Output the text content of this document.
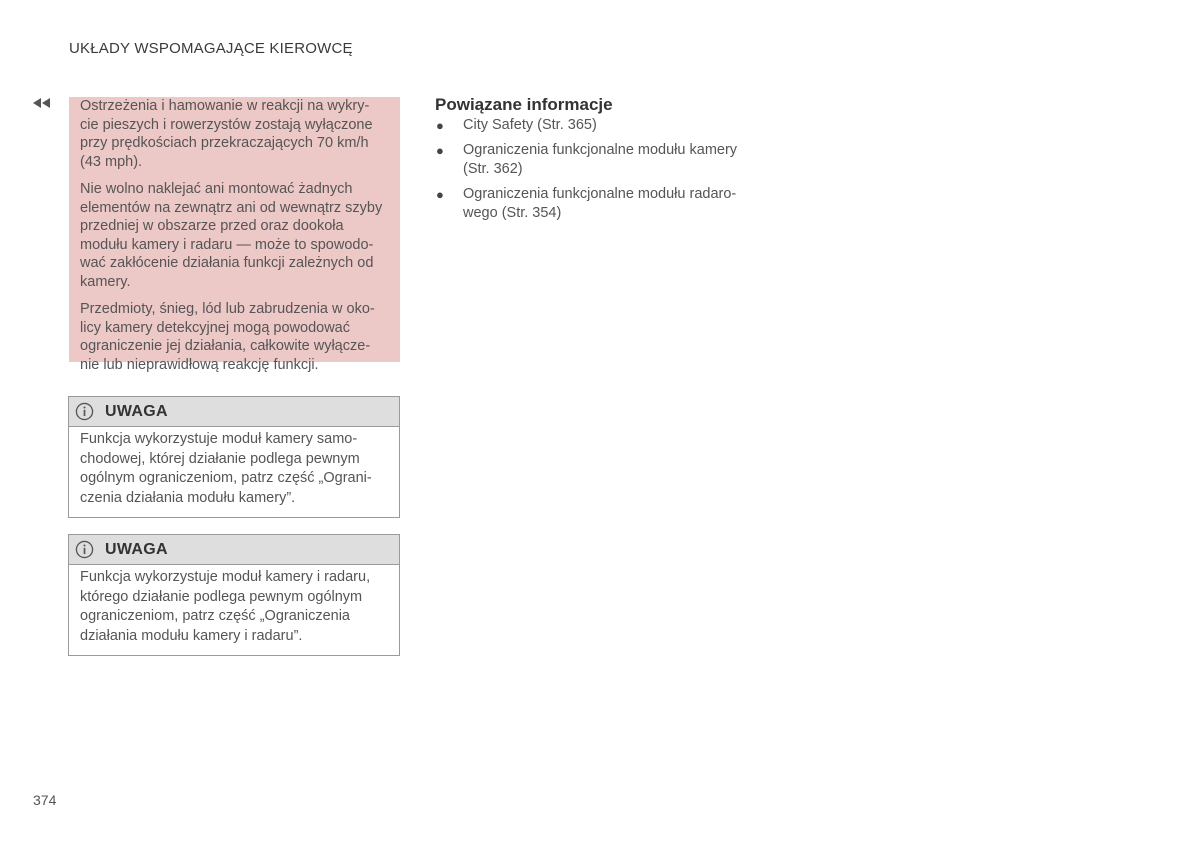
UKŁADY WSPOMAGAJĄCE KIEROWCĘ

Ostrzeżenia i hamowanie w reakcji na wykry-
cie pieszych i rowerzystów zostają wyłączone
przy prędkościach przekraczających 70 km/h
(43 mph).

Nie wolno naklejać ani montować żadnych
elementów na zewnątrz ani od wewnątrz szyby
przedniej w obszarze przed oraz dookoła
modułu kamery i radaru — może to spowodo-
wać zakłócenie działania funkcji zależnych od
kamery.

Przedmioty, śnieg, lód lub zabrudzenia w oko-
licy kamery detekcyjnej mogą powodować
ograniczenie jej działania, całkowite wyłącze-
nie lub nieprawidłową reakcję funkcji.

UWAGA
Funkcja wykorzystuje moduł kamery samo-
chodowej, której działanie podlega pewnym
ogólnym ograniczeniom, patrz część „Ograni-
czenia działania modułu kamery”.
UWAGA
Funkcja wykorzystuje moduł kamery i radaru,
którego działanie podlega pewnym ogólnym
ograniczeniom, patrz część „Ograniczenia
działania modułu kamery i radaru”.
Powiązane informacje
● City Safety (Str. 365)
● Ograniczenia funkcjonalne modułu kamery
(Str. 362)
● Ograniczenia funkcjonalne modułu radaro-
wego (Str. 354)
374
